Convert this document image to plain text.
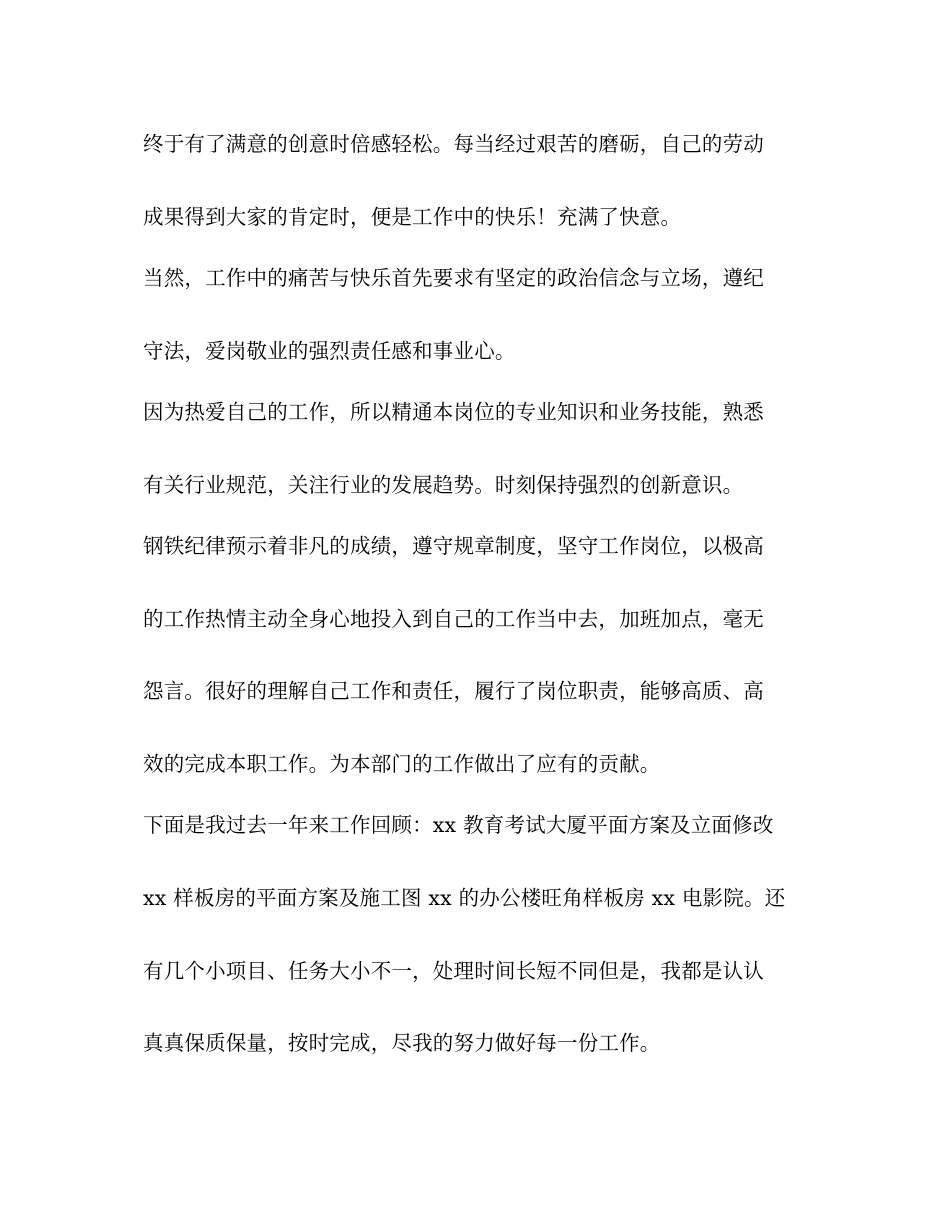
终于有了满意的创意时倍感轻松。每当经过艰苦的磨砺，自己的劳动
成果得到大家的肯定时，便是工作中的快乐！充满了快意。
当然，工作中的痛苦与快乐首先要求有坚定的政治信念与立场，遵纪
守法，爱岗敬业的强烈责任感和事业心。
因为热爱自己的工作，所以精通本岗位的专业知识和业务技能，熟悉
有关行业规范，关注行业的发展趋势。时刻保持强烈的创新意识。
钢铁纪律预示着非凡的成绩，遵守规章制度，坚守工作岗位，以极高
的工作热情主动全身心地投入到自己的工作当中去，加班加点，毫无
怨言。很好的理解自己工作和责任，履行了岗位职责，能够高质、高
效的完成本职工作。为本部门的工作做出了应有的贡献。
下面是我过去一年来工作回顾：xx 教育考试大厦平面方案及立面修改
xx 样板房的平面方案及施工图 xx 的办公楼旺角样板房 xx 电影院。还
有几个小项目、任务大小不一，处理时间长短不同但是，我都是认认
真真保质保量，按时完成，尽我的努力做好每一份工作。
